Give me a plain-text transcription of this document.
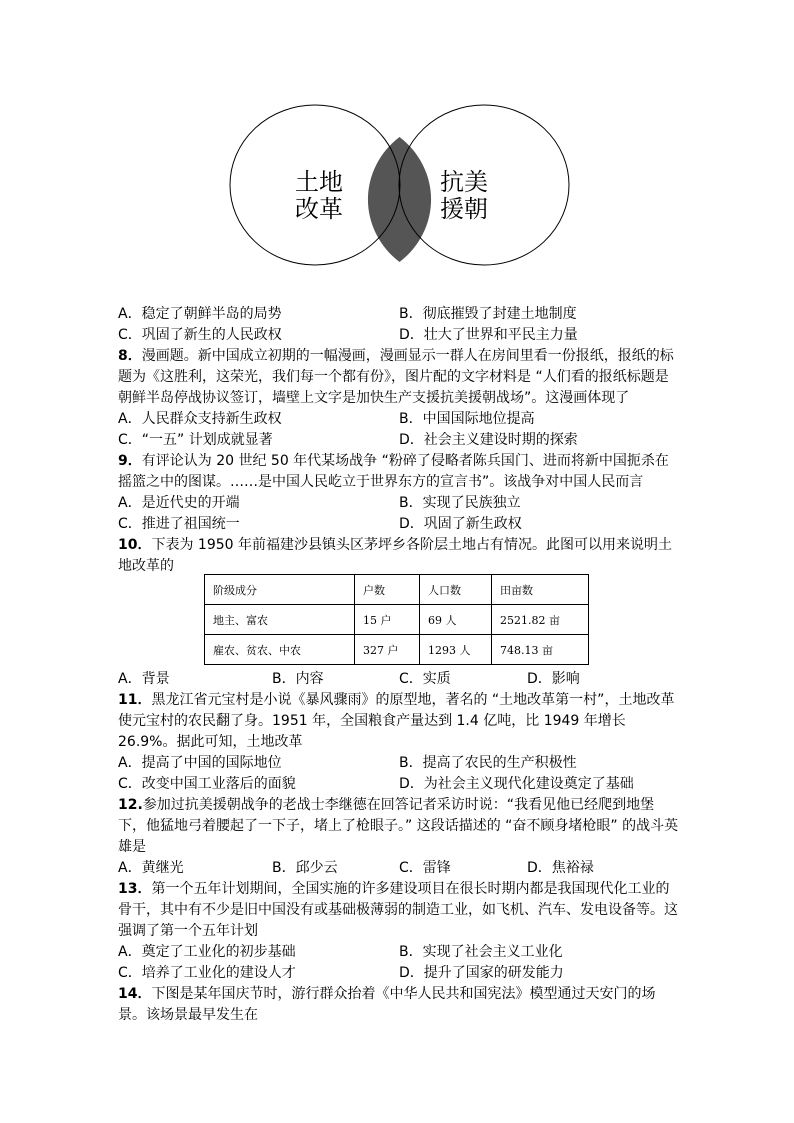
土地
改革
抗美
援朝
A．稳定了朝鲜半岛的局势	B．彻底摧毁了封建土地制度
C．巩固了新生的人民政权	D．壮大了世界和平民主力量
8．漫画题。新中国成立初期的一幅漫画，漫画显示一群人在房间里看一份报纸，报纸的标题为《这胜利，这荣光，我们每一个都有份》，图片配的文字材料是 “人们看的报纸标题是朝鲜半岛停战协议签订，墙壁上文字是加快生产支援抗美援朝战场”。这漫画体现了
A．人民群众支持新生政权	B．中国国际地位提高
C．“一五” 计划成就显著	D．社会主义建设时期的探索
9．有评论认为 20 世纪 50 年代某场战争 “粉碎了侵略者陈兵国门、进而将新中国扼杀在摇篮之中的图谋。……是中国人民屹立于世界东方的宣言书”。该战争对中国人民而言
A．是近代史的开端	B．实现了民族独立
C．推进了祖国统一	D．巩固了新生政权
10．下表为 1950 年前福建沙县镇头区茅坪乡各阶层土地占有情况。此图可以用来说明土地改革的
阶级成分	户数	人口数	田亩数
地主、富农	15 户	69 人	2521.82 亩
雇农、贫农、中农	327 户	1293 人	748.13 亩
A．背景	B．内容	C．实质	D．影响
11．黑龙江省元宝村是小说《暴风骤雨》的原型地，著名的 “土地改革第一村”，土地改革使元宝村的农民翻了身。1951 年，全国粮食产量达到 1.4 亿吨，比 1949 年增长 26.9%。据此可知，土地改革
A．提高了中国的国际地位	B．提高了农民的生产积极性
C．改变中国工业落后的面貌	D．为社会主义现代化建设奠定了基础
12.参加过抗美援朝战争的老战士李继德在回答记者采访时说：“我看见他已经爬到地堡下，他猛地弓着腰起了一下子，堵上了枪眼子。” 这段话描述的 “奋不顾身堵枪眼” 的战斗英雄是
A．黄继光	B．邱少云	C．雷锋	D．焦裕禄
13．第一个五年计划期间，全国实施的许多建设项目在很长时期内都是我国现代化工业的骨干，其中有不少是旧中国没有或基础极薄弱的制造工业，如飞机、汽车、发电设备等。这强调了第一个五年计划
A．奠定了工业化的初步基础	B．实现了社会主义工业化
C．培养了工业化的建设人才	D．提升了国家的研发能力
14．下图是某年国庆节时，游行群众抬着《中华人民共和国宪法》模型通过天安门的场景。该场景最早发生在
